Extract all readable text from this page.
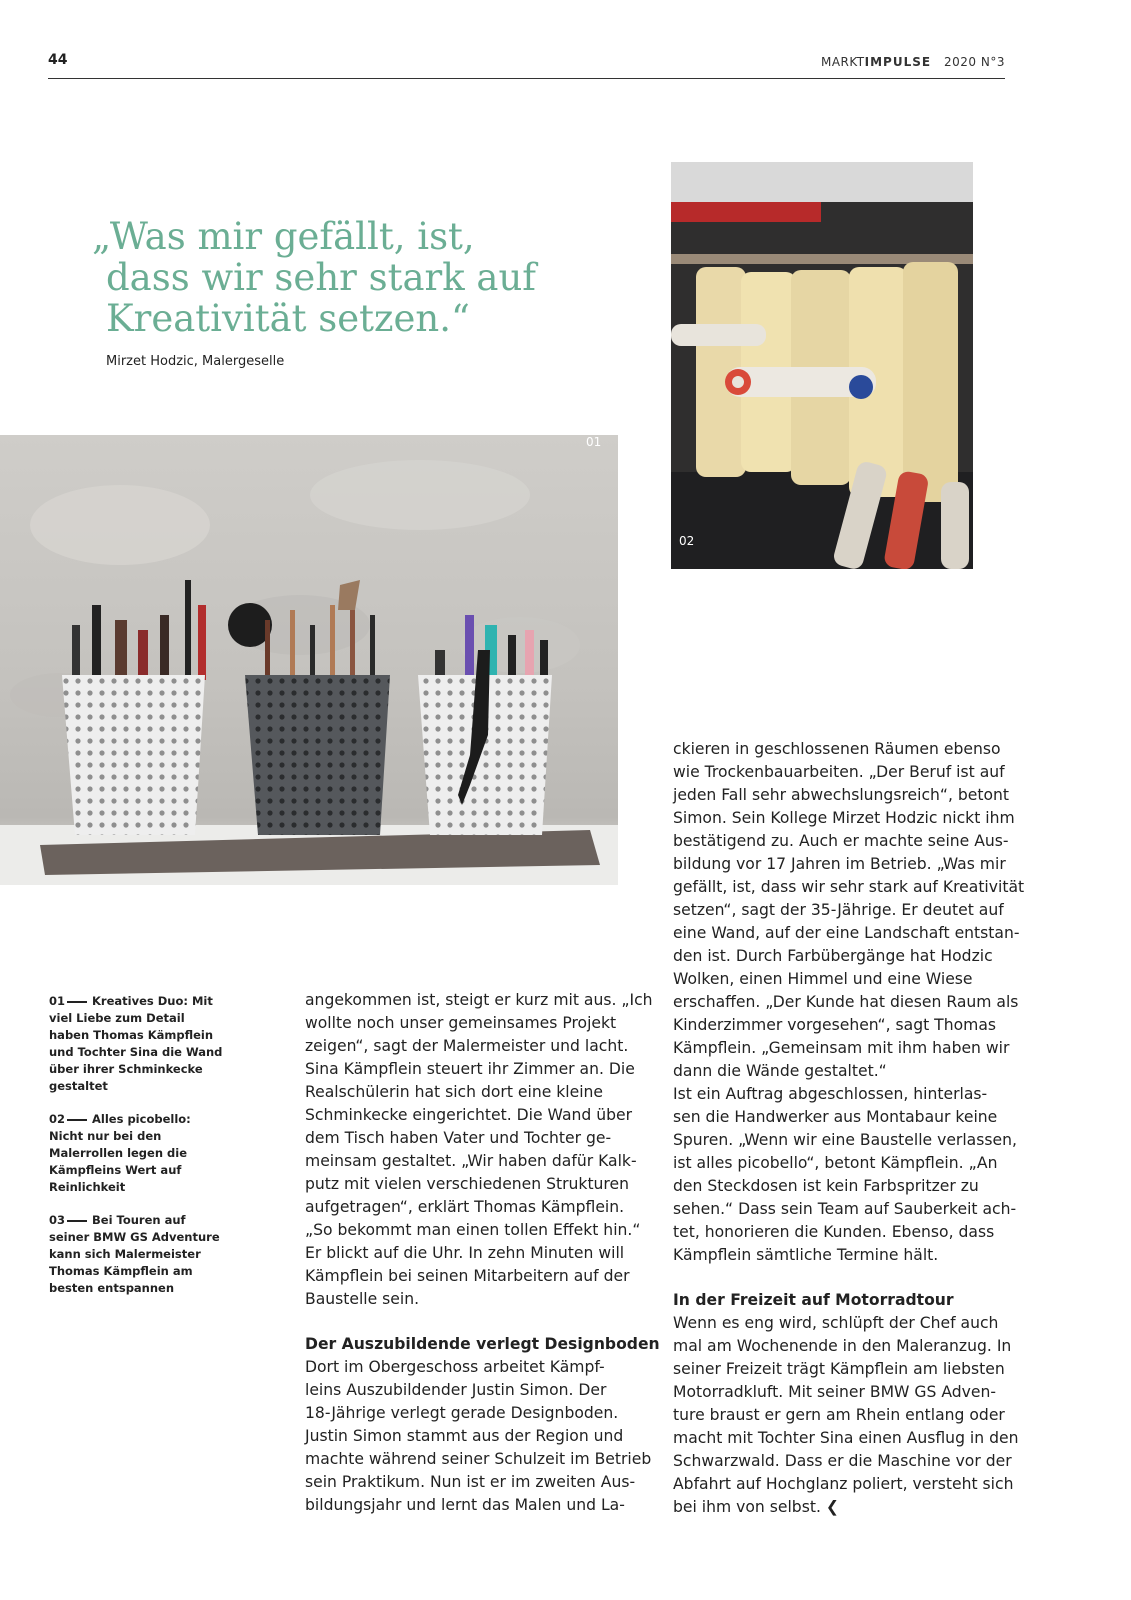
44	MARKTIMPULSE 2020 N°3
„Was mir gefällt, ist,
dass wir sehr stark auf
Kreativität setzen.“
Mirzet Hodzic, Malergeselle
01
02
01 Kreatives Duo: Mit viel Liebe zum Detail haben Thomas Kämpflein und Tochter Sina die Wand über ihrer Schminkecke gestaltet
02 Alles picobello: Nicht nur bei den Malerrollen legen die Kämpfleins Wert auf Reinlichkeit
03 Bei Touren auf seiner BMW GS Adventure kann sich Malermeister Thomas Kämpflein am besten entspannen

angekommen ist, steigt er kurz mit aus. „Ich
wollte noch unser gemeinsames Projekt
zeigen“, sagt der Malermeister und lacht.
Sina Kämpflein steuert ihr Zimmer an. Die
Realschülerin hat sich dort eine kleine
Schminkecke eingerichtet. Die Wand über
dem Tisch haben Vater und Tochter ge-
meinsam gestaltet. „Wir haben dafür Kalk-
putz mit vielen verschiedenen Strukturen
aufgetragen“, erklärt Thomas Kämpflein.
„So bekommt man einen tollen Effekt hin.“
Er blickt auf die Uhr. In zehn Minuten will
Kämpflein bei seinen Mitarbeitern auf der
Baustelle sein.

Der Auszubildende verlegt Designboden

Dort im Obergeschoss arbeitet Kämpf-
leins Auszubildender Justin Simon. Der
18-Jährige verlegt gerade Designboden.
Justin Simon stammt aus der Region und
machte während seiner Schulzeit im Betrieb
sein Praktikum. Nun ist er im zweiten Aus-
bildungsjahr und lernt das Malen und La-

ckieren in geschlossenen Räumen ebenso
wie Trockenbauarbeiten. „Der Beruf ist auf
jeden Fall sehr abwechslungsreich“, betont
Simon. Sein Kollege Mirzet Hodzic nickt ihm
bestätigend zu. Auch er machte seine Aus-
bildung vor 17 Jahren im Betrieb. „Was mir
gefällt, ist, dass wir sehr stark auf Kreativität
setzen“, sagt der 35-Jährige. Er deutet auf
eine Wand, auf der eine Landschaft entstan-
den ist. Durch Farbübergänge hat Hodzic
Wolken, einen Himmel und eine Wiese
erschaffen. „Der Kunde hat diesen Raum als
Kinderzimmer vorgesehen“, sagt Thomas
Kämpflein. „Gemeinsam mit ihm haben wir
dann die Wände gestaltet.“

Ist ein Auftrag abgeschlossen, hinterlas-
sen die Handwerker aus Montabaur keine
Spuren. „Wenn wir eine Baustelle verlassen,
ist alles picobello“, betont Kämpflein. „An
den Steckdosen ist kein Farbspritzer zu
sehen.“ Dass sein Team auf Sauberkeit ach-
tet, honorieren die Kunden. Ebenso, dass
Kämpflein sämtliche Termine hält.

In der Freizeit auf Motorradtour

Wenn es eng wird, schlüpft der Chef auch
mal am Wochenende in den Maleranzug. In
seiner Freizeit trägt Kämpflein am liebsten
Motorradkluft. Mit seiner BMW GS Adven-
ture braust er gern am Rhein entlang oder
macht mit Tochter Sina einen Ausflug in den
Schwarzwald. Dass er die Maschine vor der
Abfahrt auf Hochglanz poliert, versteht sich
bei ihm von selbst. ❮
